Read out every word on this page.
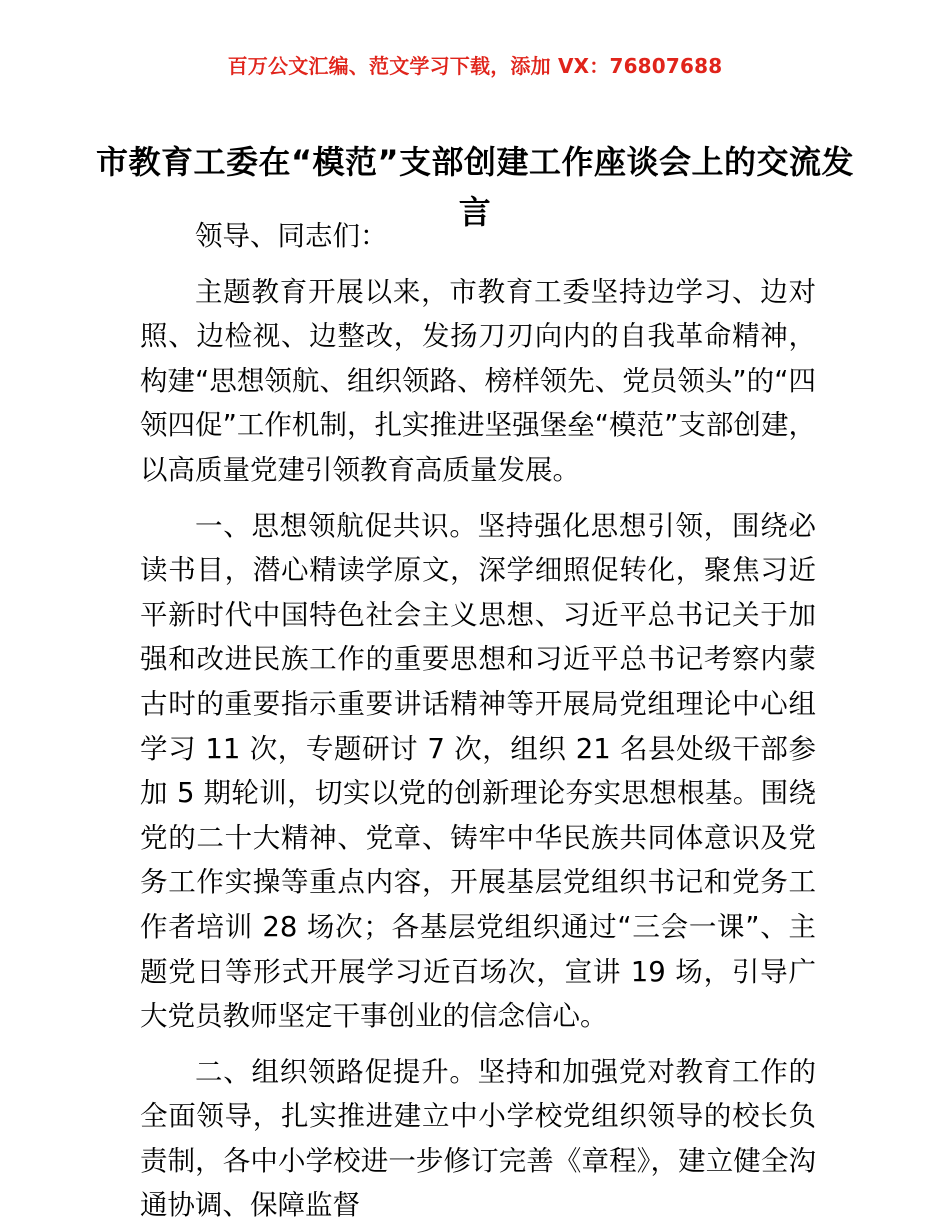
百万公文汇编、范文学习下载，添加 VX：76807688
市教育工委在“模范”支部创建工作座谈会上的交流发言

领导、同志们：

主题教育开展以来，市教育工委坚持边学习、边对照、边检视、边整改，发扬刀刃向内的自我革命精神，构建“思想领航、组织领路、榜样领先、党员领头”的“四领四促”工作机制，扎实推进坚强堡垒“模范”支部创建，以高质量党建引领教育高质量发展。

一、思想领航促共识。坚持强化思想引领，围绕必读书目，潜心精读学原文，深学细照促转化，聚焦习近平新时代中国特色社会主义思想、习近平总书记关于加强和改进民族工作的重要思想和习近平总书记考察内蒙古时的重要指示重要讲话精神等开展局党组理论中心组学习 11 次，专题研讨 7 次，组织 21 名县处级干部参加 5 期轮训，切实以党的创新理论夯实思想根基。围绕党的二十大精神、党章、铸牢中华民族共同体意识及党务工作实操等重点内容，开展基层党组织书记和党务工作者培训 28 场次；各基层党组织通过“三会一课”、主题党日等形式开展学习近百场次，宣讲 19 场，引导广大党员教师坚定干事创业的信念信心。

二、组织领路促提升。坚持和加强党对教育工作的全面领导，扎实推进建立中小学校党组织领导的校长负责制，各中小学校进一步修订完善《章程》，建立健全沟通协调、保障监督
